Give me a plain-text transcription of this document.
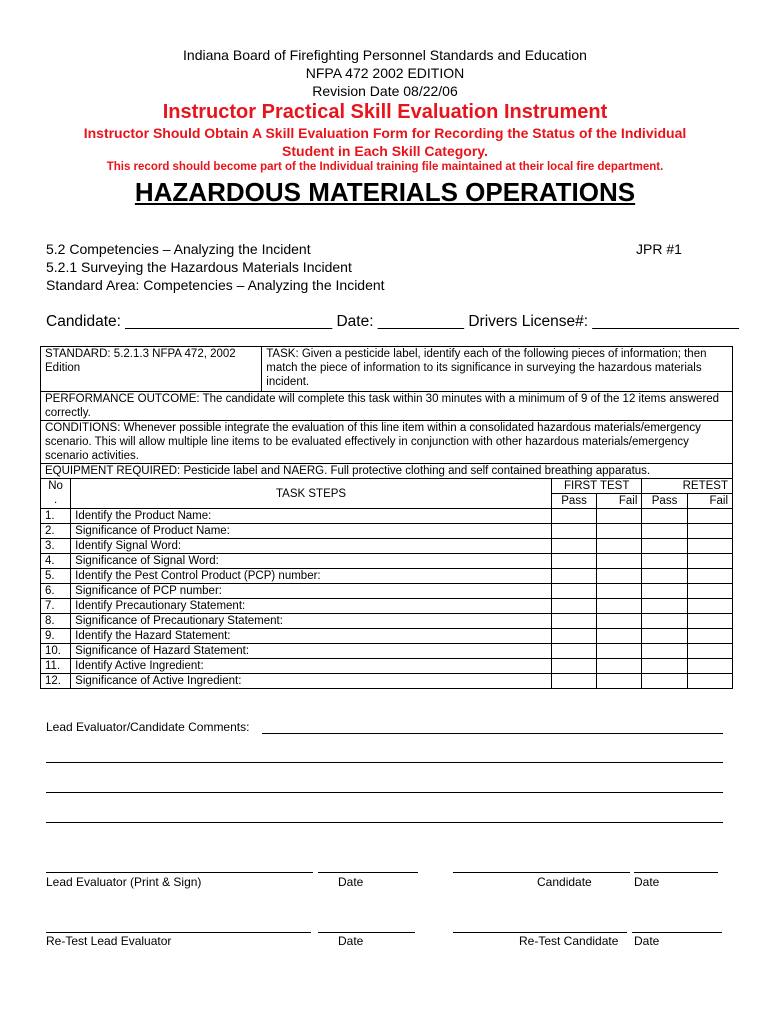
Indiana Board of Firefighting Personnel Standards and Education
NFPA 472 2002 EDITION
Revision Date 08/22/06
Instructor Practical Skill Evaluation Instrument
Instructor Should Obtain A Skill Evaluation Form for Recording the Status of the Individual
Student in Each Skill Category.
This record should become part of the Individual training file maintained at their local fire department.
HAZARDOUS MATERIALS OPERATIONS
5.2 Competencies – Analyzing the Incident	JPR #1
5.2.1 Surveying the Hazardous Materials Incident
Standard Area: Competencies – Analyzing the Incident
Candidate: ________________________ Date: __________ Drivers License#: _________________
STANDARD: 5.2.1.3 NFPA 472, 2002 Edition		TASK: Given a pesticide label, identify each of the following pieces of information; then match the piece of information to its significance in surveying the hazardous materials incident.				
PERFORMANCE OUTCOME: The candidate will complete this task within 30 minutes with a minimum of 9 of the 12 items answered correctly.						
CONDITIONS: Whenever possible integrate the evaluation of this line item within a consolidated hazardous materials/emergency scenario. This will allow multiple line items to be evaluated effectively in conjunction with other hazardous materials/emergency scenario activities.						
EQUIPMENT REQUIRED: Pesticide label and NAERG. Full protective clothing and self contained breathing apparatus.						

No
.	TASK STEPS		FIRST TEST		RETEST	
			Pass	Fail	Pass	Fail
1.	Identify the Product Name:					
2.	Significance of Product Name:					
3.	Identify Signal Word:					
4.	Significance of Signal Word:					
5.	Identify the Pest Control Product (PCP) number:					
6.	Significance of PCP number:					
7.	Identify Precautionary Statement:					
8.	Significance of Precautionary Statement:					
9.	Identify the Hazard Statement:					
10.	Significance of Hazard Statement:					
11.	Identify Active Ingredient:					
12.	Significance of Active Ingredient:					
Lead Evaluator/Candidate Comments:
Lead Evaluator (Print & Sign)	Date	Candidate	Date
Re-Test Lead Evaluator	Date	Re-Test Candidate Date
